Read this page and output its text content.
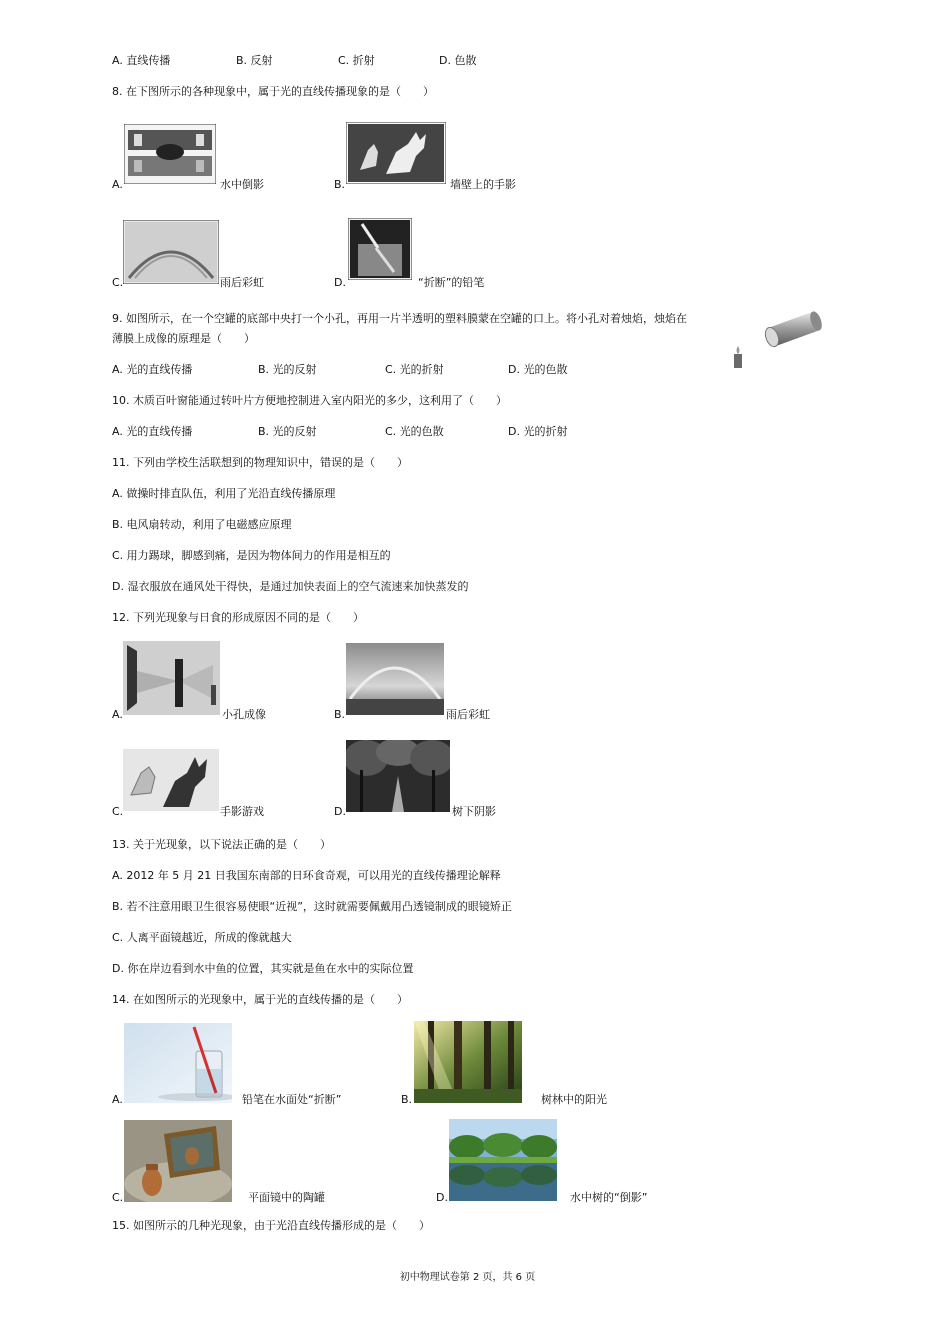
A. 直线传播	B. 反射	C. 折射	D. 色散
8. 在下图所示的各种现象中，属于光的直线传播现象的是（　　）
A.	水中倒影	B.	墙壁上的手影
C.	雨后彩虹	D.	“折断”的铅笔
9. 如图所示，在一个空罐的底部中央打一个小孔，再用一片半透明的塑料膜蒙在空罐的口上。将小孔对着烛焰，烛焰在
薄膜上成像的原理是（　　）
A. 光的直线传播	B. 光的反射	C. 光的折射	D. 光的色散
10. 木质百叶窗能通过转叶片方便地控制进入室内阳光的多少，这利用了（　　）
A. 光的直线传播	B. 光的反射	C. 光的色散	D. 光的折射
11. 下列由学校生活联想到的物理知识中，错误的是（　　）
A. 做操时排直队伍，利用了光沿直线传播原理
B. 电风扇转动，利用了电磁感应原理
C. 用力踢球，脚感到痛，是因为物体间力的作用是相互的
D. 湿衣服放在通风处干得快，是通过加快表面上的空气流速来加快蒸发的
12. 下列光现象与日食的形成原因不同的是（　　）
A.	小孔成像	B.	雨后彩虹
C.	手影游戏	D.	树下阴影
13. 关于光现象，以下说法正确的是（　　）
A. 2012 年 5 月 21 日我国东南部的日环食奇观，可以用光的直线传播理论解释
B. 若不注意用眼卫生很容易使眼“近视”，这时就需要佩戴用凸透镜制成的眼镜矫正
C. 人离平面镜越近，所成的像就越大
D. 你在岸边看到水中鱼的位置，其实就是鱼在水中的实际位置
14. 在如图所示的光现象中，属于光的直线传播的是（　　）
A.	铅笔在水面处“折断”	B.	树林中的阳光
C.	平面镜中的陶罐	D.	水中树的“倒影”
15. 如图所示的几种光现象，由于光沿直线传播形成的是（　　）
初中物理试卷第 2 页，共 6 页
